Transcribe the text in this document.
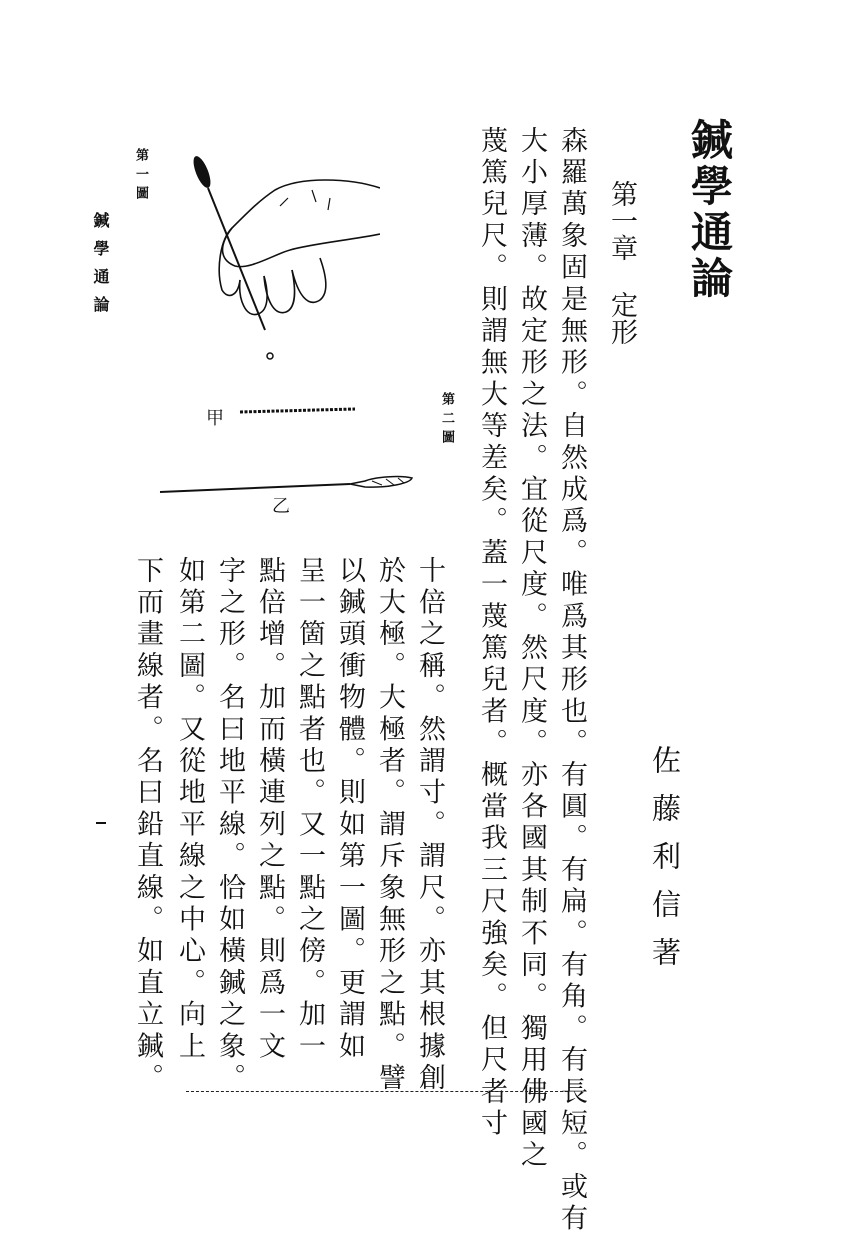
鍼學通論
第一章定形
森羅萬象固是無形。自然成爲。唯爲其形也。有圓。有扁。有角。有長短。或有
大小厚薄。故定形之法。宜從尺度。然尺度。亦各國其制不同。獨用佛國之
蔑篤兒尺。則謂無大等差矣。蓋一蔑篤兒者。概當我三尺強矣。但尺者寸
十倍之稱。然謂寸。謂尺。亦其根據創
於大極。大極者。謂斥象無形之點。譬
以鍼頭衝物體。則如第一圖。更謂如
呈一箇之點者也。又一點之傍。加一
點倍增。加而橫連列之點。則爲一文
字之形。名曰地平線。恰如橫鍼之象。
如第二圖。又從地平線之中心。向上
下而畫線者。名曰鉛直線。如直立鍼。	佐藤利信著
第一圖
第二圖
鍼學通論
甲
乙
